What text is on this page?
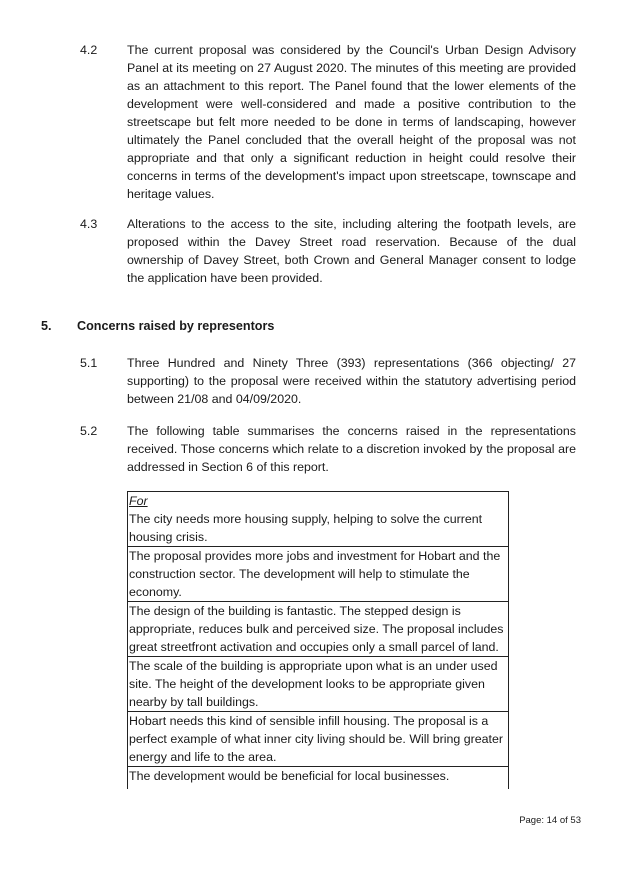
4.2 The current proposal was considered by the Council's Urban Design Advisory Panel at its meeting on 27 August 2020. The minutes of this meeting are provided as an attachment to this report. The Panel found that the lower elements of the development were well-considered and made a positive contribution to the streetscape but felt more needed to be done in terms of landscaping, however ultimately the Panel concluded that the overall height of the proposal was not appropriate and that only a significant reduction in height could resolve their concerns in terms of the development's impact upon streetscape, townscape and heritage values.
4.3 Alterations to the access to the site, including altering the footpath levels, are proposed within the Davey Street road reservation. Because of the dual ownership of Davey Street, both Crown and General Manager consent to lodge the application have been provided.
5. Concerns raised by representors
5.1 Three Hundred and Ninety Three (393) representations (366 objecting/ 27 supporting) to the proposal were received within the statutory advertising period between 21/08 and 04/09/2020.
5.2 The following table summarises the concerns raised in the representations received. Those concerns which relate to a discretion invoked by the proposal are addressed in Section 6 of this report.
For
The city needs more housing supply, helping to solve the current housing crisis.
The proposal provides more jobs and investment for Hobart and the construction sector. The development will help to stimulate the economy.
The design of the building is fantastic. The stepped design is appropriate, reduces bulk and perceived size. The proposal includes great streetfront activation and occupies only a small parcel of land.
The scale of the building is appropriate upon what is an under used site. The height of the development looks to be appropriate given nearby by tall buildings.
Hobart needs this kind of sensible infill housing. The proposal is a perfect example of what inner city living should be. Will bring greater energy and life to the area.
The development would be beneficial for local businesses.
Page: 14 of 53
